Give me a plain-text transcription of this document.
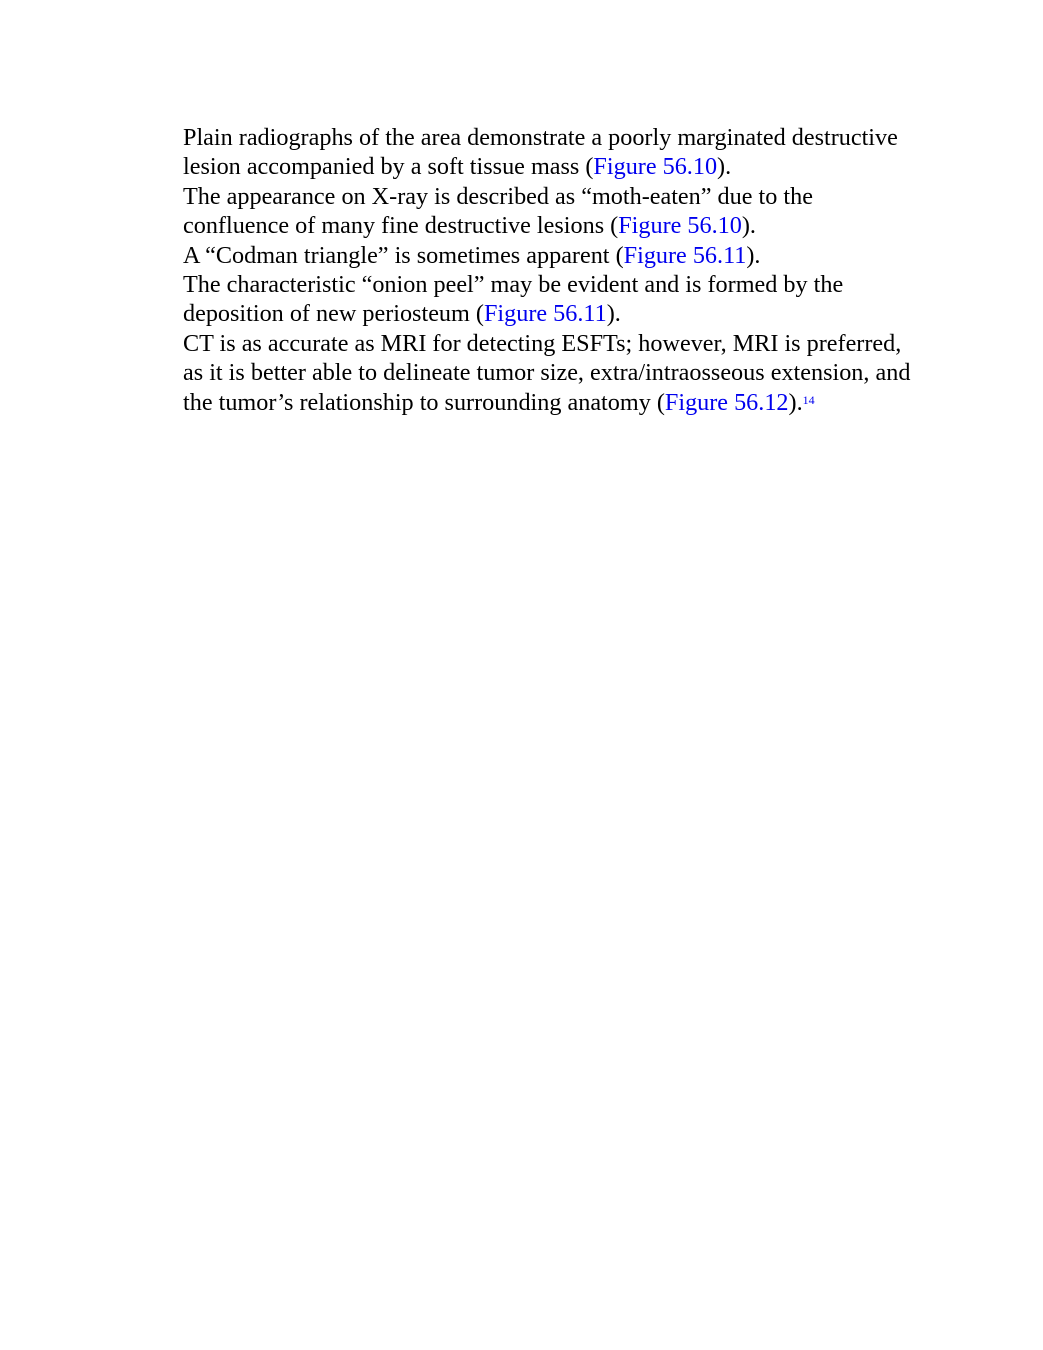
Plain radiographs of the area demonstrate a poorly marginated destructive lesion accompanied by a soft tissue mass (Figure 56.10).

The appearance on X-ray is described as “moth-eaten” due to the confluence of many fine destructive lesions (Figure 56.10).

A “Codman triangle” is sometimes apparent (Figure 56.11).

The characteristic “onion peel” may be evident and is formed by the deposition of new periosteum (Figure 56.11).

CT is as accurate as MRI for detecting ESFTs; however, MRI is preferred, as it is better able to delineate tumor size, extra/intraosseous extension, and the tumor’s relationship to surrounding anatomy (Figure 56.12).$^{14}$
